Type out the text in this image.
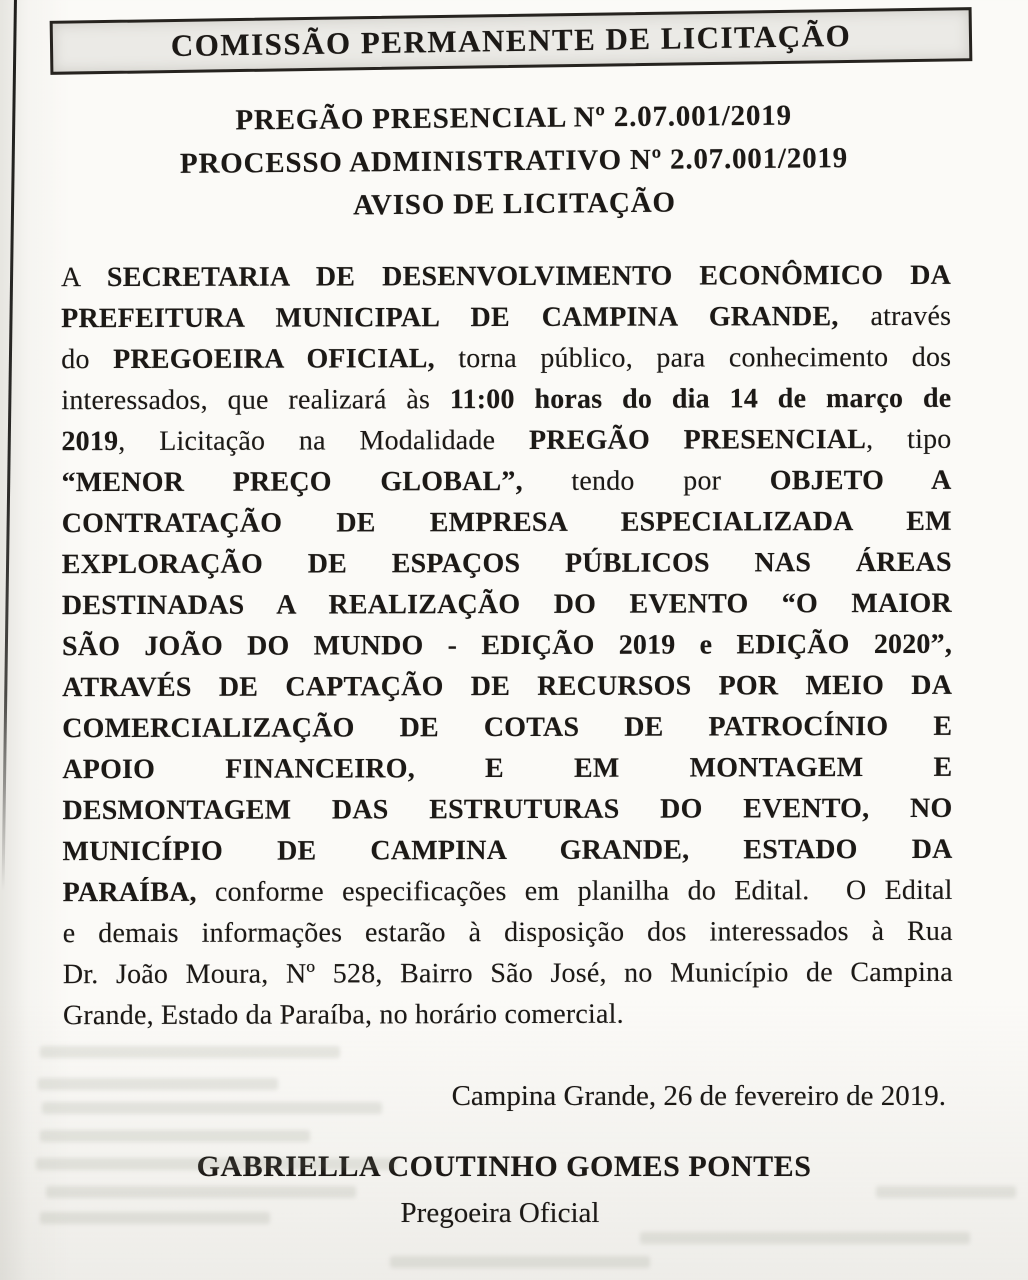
COMISSÃO PERMANENTE DE LICITAÇÃO
PREGÃO PRESENCIAL Nº 2.07.001/2019
PROCESSO ADMINISTRATIVO Nº 2.07.001/2019
AVISO DE LICITAÇÃO
A SECRETARIA DE DESENVOLVIMENTO ECONÔMICO DA
PREFEITURA MUNICIPAL DE CAMPINA GRANDE, através
do PREGOEIRA OFICIAL, torna público, para conhecimento dos
interessados, que realizará às 11:00 horas do dia 14 de março de
2019, Licitação na Modalidade PREGÃO PRESENCIAL, tipo
“MENOR PREÇO GLOBAL”, tendo por OBJETO A
CONTRATAÇÃO DE EMPRESA ESPECIALIZADA EM
EXPLORAÇÃO DE ESPAÇOS PÚBLICOS NAS ÁREAS
DESTINADAS A REALIZAÇÃO DO EVENTO “O MAIOR
SÃO JOÃO DO MUNDO - EDIÇÃO 2019 e EDIÇÃO 2020”,
ATRAVÉS DE CAPTAÇÃO DE RECURSOS POR MEIO DA
COMERCIALIZAÇÃO DE COTAS DE PATROCÍNIO E
APOIO FINANCEIRO, E EM MONTAGEM E
DESMONTAGEM DAS ESTRUTURAS DO EVENTO, NO
MUNICÍPIO DE CAMPINA GRANDE, ESTADO DA
PARAÍBA, conforme especificações em planilha do Edital.  O Edital
e demais informações estarão à disposição dos interessados à Rua
Dr. João Moura, Nº 528, Bairro São José, no Município de Campina
Grande, Estado da Paraíba, no horário comercial.
Campina Grande, 26 de fevereiro de 2019.
GABRIELLA COUTINHO GOMES PONTES
Pregoeira Oficial
